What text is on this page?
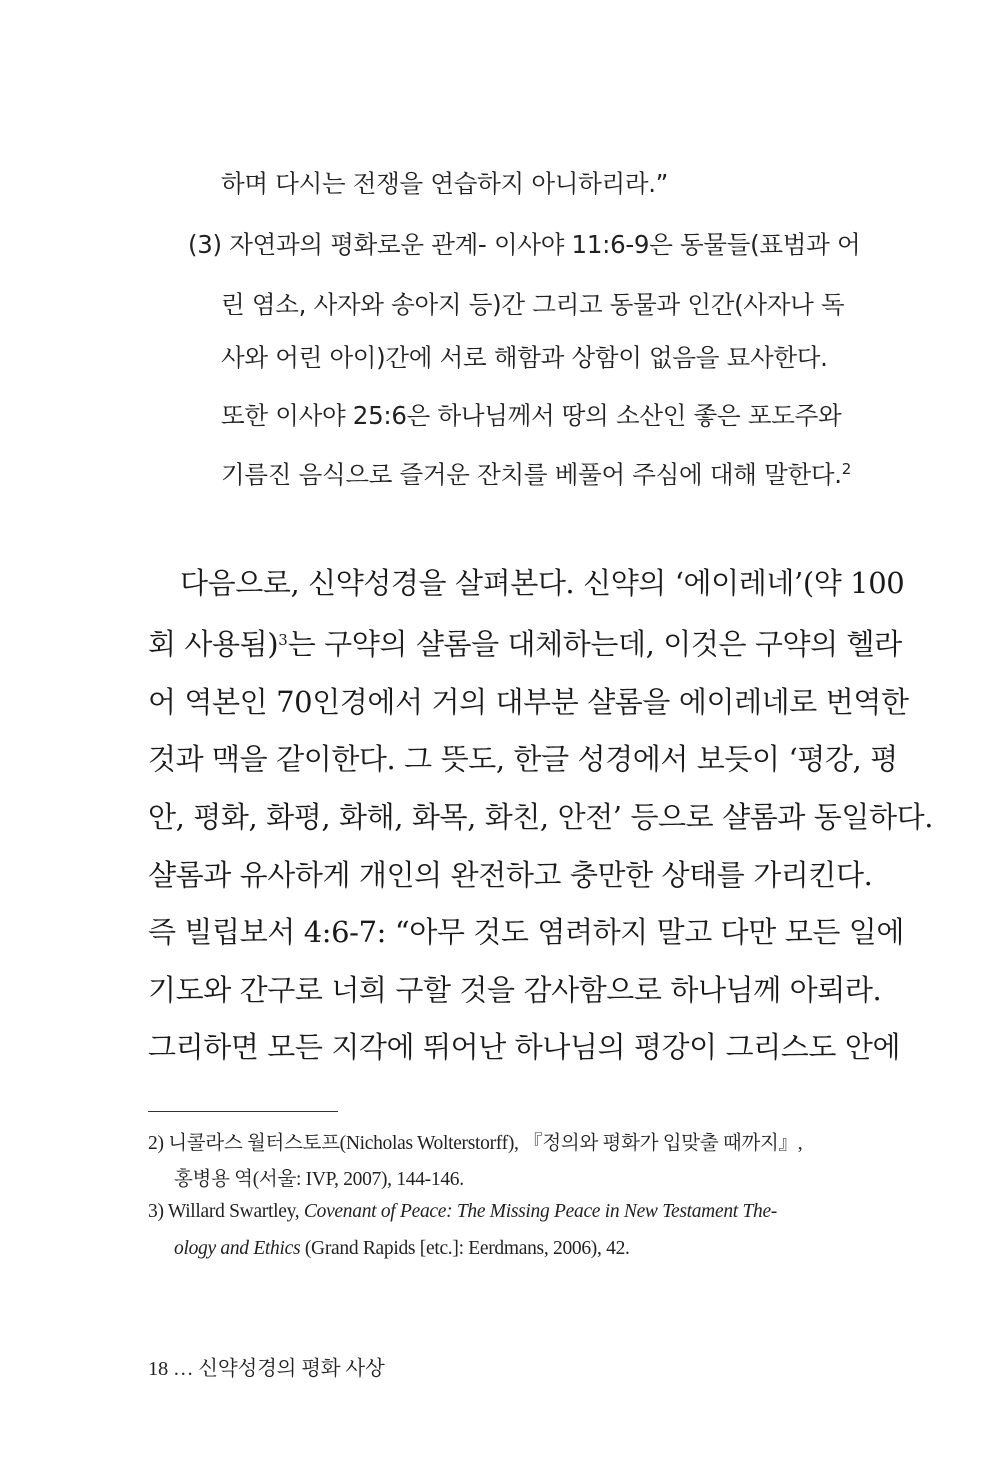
하며 다시는 전쟁을 연습하지 아니하리라.”
(3) 자연과의 평화로운 관계- 이사야 11:6-9은 동물들(표범과 어
린 염소, 사자와 송아지 등)간 그리고 동물과 인간(사자나 독
사와 어린 아이)간에 서로 해함과 상함이 없음을 묘사한다.
또한 이사야 25:6은 하나님께서 땅의 소산인 좋은 포도주와
기름진 음식으로 즐거운 잔치를 베풀어 주심에 대해 말한다.$^2$
다음으로, 신약성경을 살펴본다. 신약의 ‘에이레네’(약 100
회 사용됨)$^3$는 구약의 샬롬을 대체하는데, 이것은 구약의 헬라
어 역본인 70인경에서 거의 대부분 샬롬을 에이레네로 번역한
것과 맥을 같이한다. 그 뜻도, 한글 성경에서 보듯이 ‘평강, 평
안, 평화, 화평, 화해, 화목, 화친, 안전’ 등으로 샬롬과 동일하다.
샬롬과 유사하게 개인의 완전하고 충만한 상태를 가리킨다.
즉 빌립보서 4:6-7: “아무 것도 염려하지 말고 다만 모든 일에
기도와 간구로 너희 구할 것을 감사함으로 하나님께 아뢰라.
그리하면 모든 지각에 뛰어난 하나님의 평강이 그리스도 안에
2) 니콜라스 월터스토프(Nicholas Wolterstorff), 『정의와 평화가 입맞출 때까지』,
홍병용 역(서울: IVP, 2007), 144-146.
3) Willard Swartley, Covenant of Peace: The Missing Peace in New Testament The-
ology and Ethics (Grand Rapids [etc.]: Eerdmans, 2006), 42.
18 … 신약성경의 평화 사상
